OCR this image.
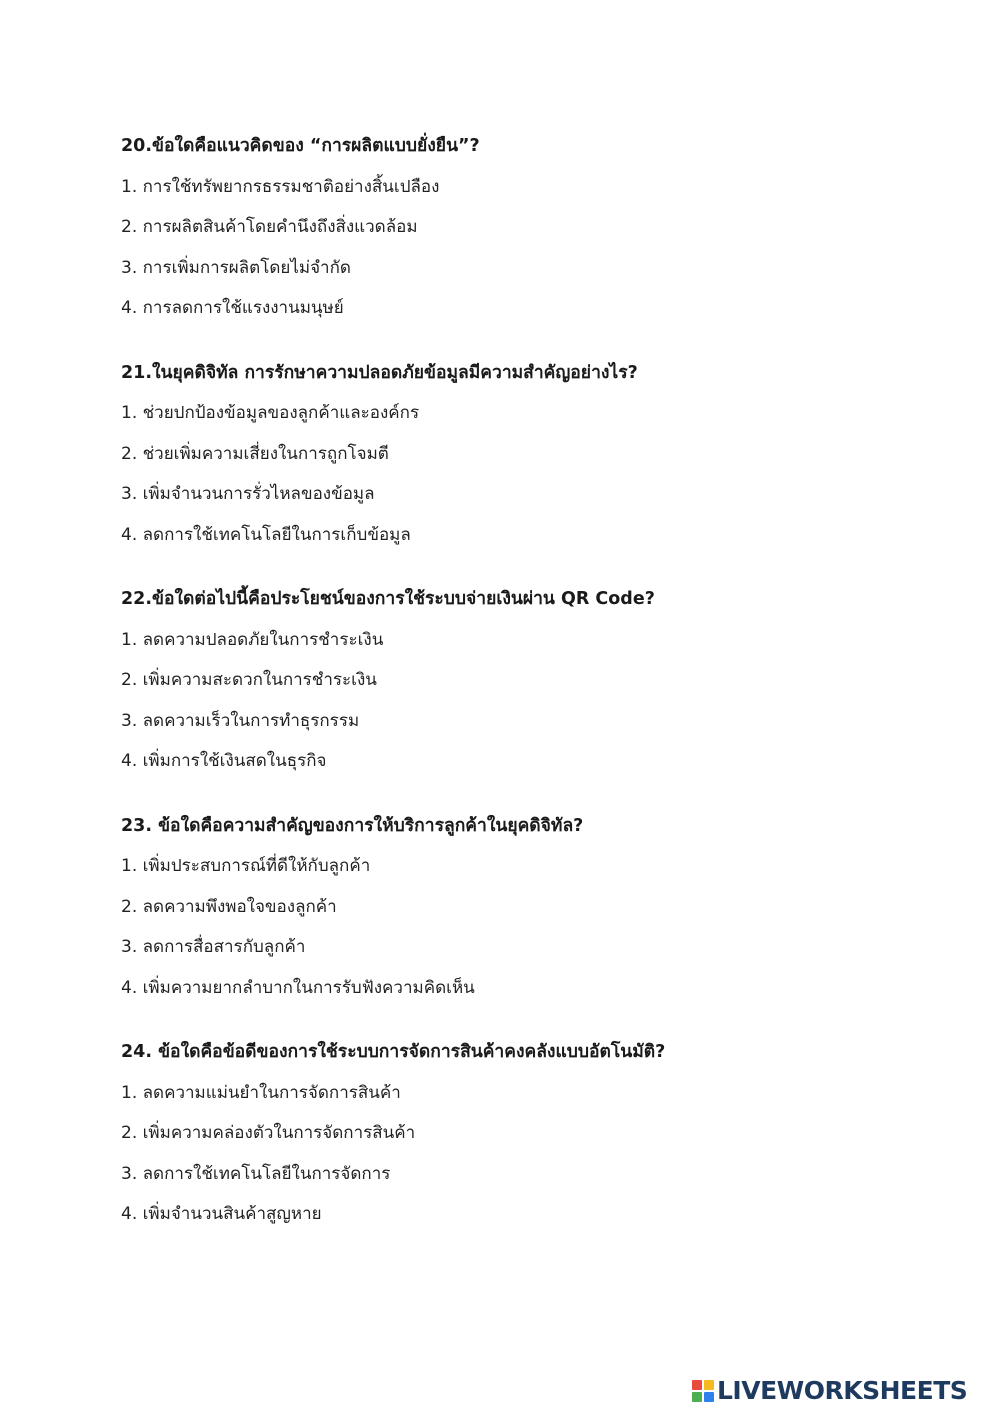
20.ข้อใดคือแนวคิดของ “การผลิตแบบยั่งยืน”?
1. การใช้ทรัพยากรธรรมชาติอย่างสิ้นเปลือง
2. การผลิตสินค้าโดยคำนึงถึงสิ่งแวดล้อม
3. การเพิ่มการผลิตโดยไม่จำกัด
4. การลดการใช้แรงงานมนุษย์
21.ในยุคดิจิทัล การรักษาความปลอดภัยข้อมูลมีความสำคัญอย่างไร?
1. ช่วยปกป้องข้อมูลของลูกค้าและองค์กร
2. ช่วยเพิ่มความเสี่ยงในการถูกโจมตี
3. เพิ่มจำนวนการรั่วไหลของข้อมูล
4. ลดการใช้เทคโนโลยีในการเก็บข้อมูล
22.ข้อใดต่อไปนี้คือประโยชน์ของการใช้ระบบจ่ายเงินผ่าน QR Code?
1. ลดความปลอดภัยในการชำระเงิน
2. เพิ่มความสะดวกในการชำระเงิน
3. ลดความเร็วในการทำธุรกรรม
4. เพิ่มการใช้เงินสดในธุรกิจ
23. ข้อใดคือความสำคัญของการให้บริการลูกค้าในยุคดิจิทัล?
1. เพิ่มประสบการณ์ที่ดีให้กับลูกค้า
2. ลดความพึงพอใจของลูกค้า
3. ลดการสื่อสารกับลูกค้า
4. เพิ่มความยากลำบากในการรับฟังความคิดเห็น
24. ข้อใดคือข้อดีของการใช้ระบบการจัดการสินค้าคงคลังแบบอัตโนมัติ?
1. ลดความแม่นยำในการจัดการสินค้า
2. เพิ่มความคล่องตัวในการจัดการสินค้า
3. ลดการใช้เทคโนโลยีในการจัดการ
4. เพิ่มจำนวนสินค้าสูญหาย
LIVEWORKSHEETS
